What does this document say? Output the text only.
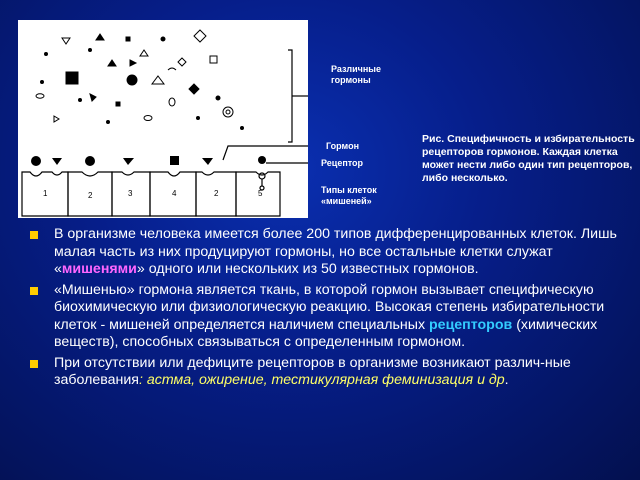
1	2	3	4	2	5
Различные гормоны
Гормон
Рецептор
Типы клеток «мишеней»
Рис. Специфичность и избирательность рецепторов гормонов. Каждая клетка может нести либо один тип рецепторов, либо несколько.
В организме человека имеется более 200 типов дифференцированных клеток. Лишь малая часть из них продуцируют гормоны, но все остальные клетки служат «мишенями» одного или нескольких из 50 известных гормонов.
«Мишенью» гормона является ткань, в которой гормон вызывает специфическую биохимическую или физиологическую реакцию. Высокая степень избирательности клеток - мишеней определяется наличием специальных рецепторов (химических веществ), способных связываться с определенным гормоном.
При отсутствии или дефиците рецепторов в организме возникают различ-ные заболевания: астма, ожирение, тестикулярная феминизация и др.
